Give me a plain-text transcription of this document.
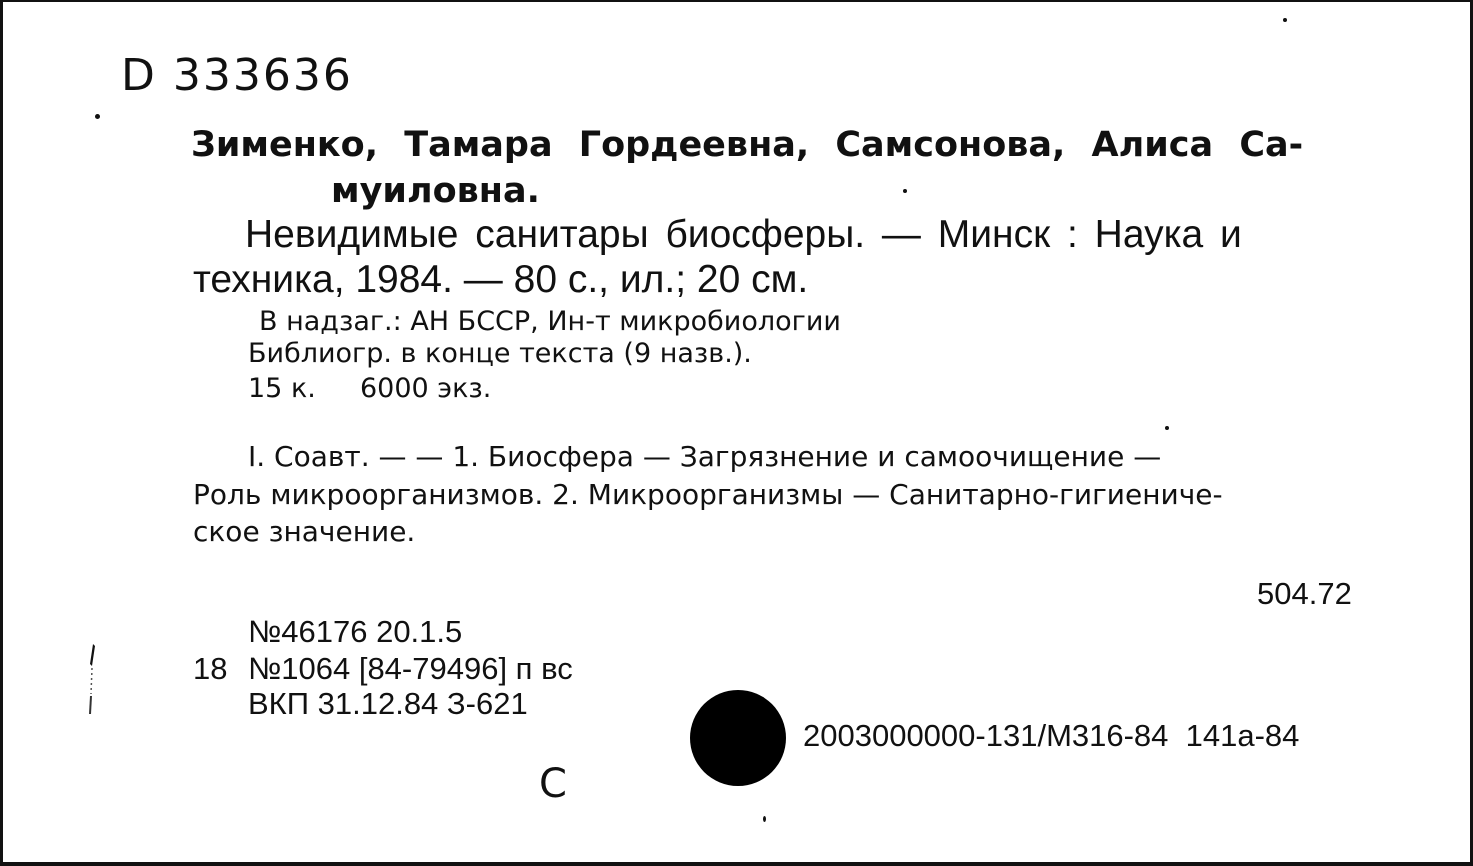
D 333636
Зименко, Тамара Гордеевна, Самсонова, Алиса Са-
муиловна.
Невидимые санитары биосферы. — Минск : Наука и
техника, 1984. — 80 с., ил.; 20 см.
В надзаг.: АН БССР, Ин-т микробиологии
Библиогр. в конце текста (9 назв.).
15 к. 6000 экз.
I. Соавт. — — 1. Биосфера — Загрязнение и самоочищение —
Роль микроорганизмов. 2. Микроорганизмы — Санитарно-гигиениче-
ское значение.
504.72
№46176 20.1.5
18 №1064 [84-79496] п вс
ВКП 31.12.84 З-621
2003000000-131/М316-84  141а-84
С
